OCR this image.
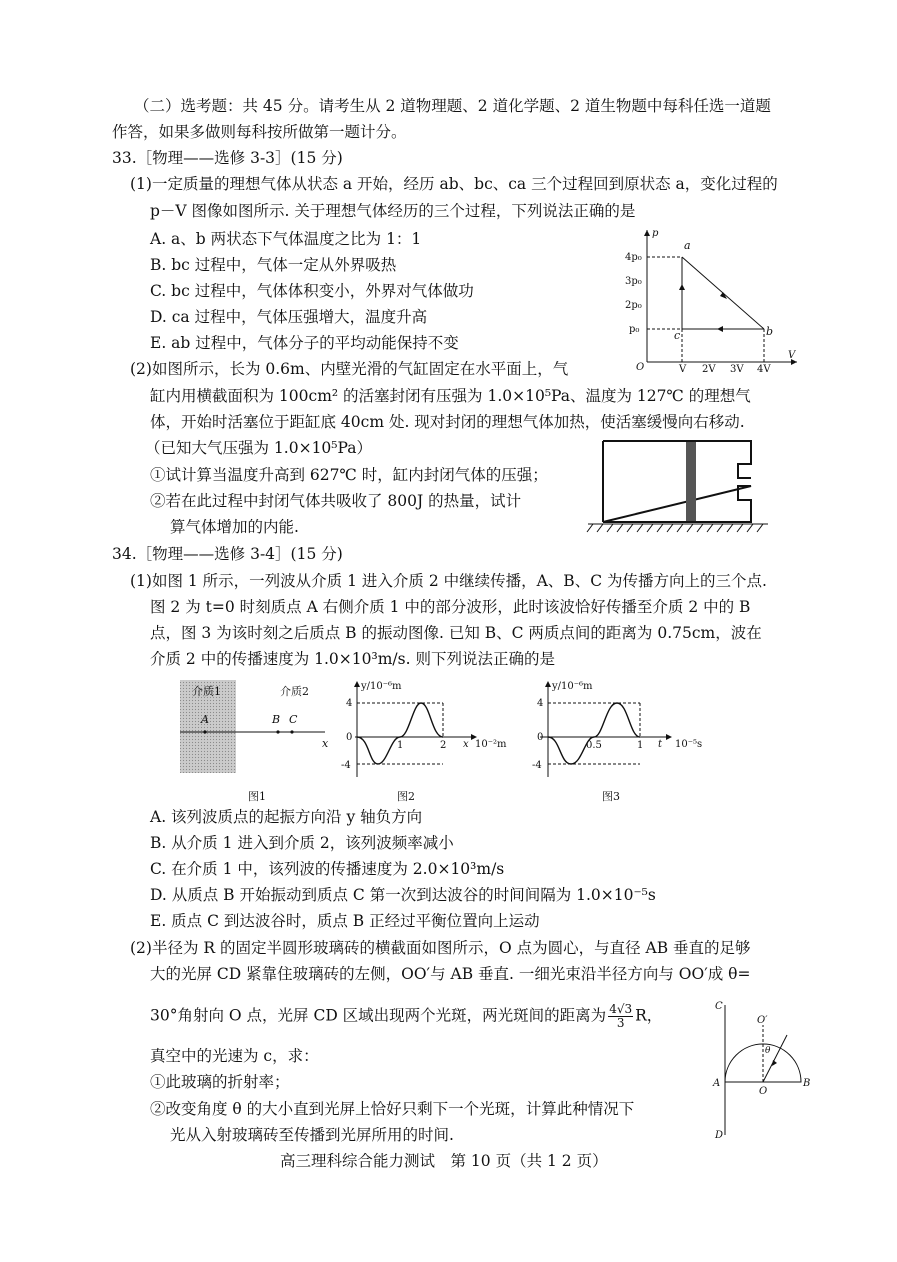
（二）选考题：共 45 分。请考生从 2 道物理题、2 道化学题、2 道生物题中每科任选一道题
作答，如果多做则每科按所做第一题计分。
33.［物理——选修 3-3］(15 分)
(1)一定质量的理想气体从状态 a 开始，经历 ab、bc、ca 三个过程回到原状态 a，变化过程的
p－V 图像如图所示. 关于理想气体经历的三个过程，下列说法正确的是
A. a、b 两状态下气体温度之比为 1：1
B. bc 过程中，气体一定从外界吸热
C. bc 过程中，气体体积变小，外界对气体做功
D. ca 过程中，气体压强增大，温度升高
E. ab 过程中，气体分子的平均动能保持不变
(2)如图所示，长为 0.6m、内壁光滑的气缸固定在水平面上，气
缸内用横截面积为 100cm² 的活塞封闭有压强为 1.0×10⁵Pa、温度为 127℃ 的理想气
体，开始时活塞位于距缸底 40cm 处. 现对封闭的理想气体加热，使活塞缓慢向右移动.
（已知大气压强为 1.0×10⁵Pa）
①试计算当温度升高到 627℃ 时，缸内封闭气体的压强；
②若在此过程中封闭气体共吸收了 800J 的热量，试计
算气体增加的内能.
34.［物理——选修 3-4］(15 分)
(1)如图 1 所示，一列波从介质 1 进入介质 2 中继续传播，A、B、C 为传播方向上的三个点.
图 2 为 t=0 时刻质点 A 右侧介质 1 中的部分波形，此时该波恰好传播至介质 2 中的 B
点，图 3 为该时刻之后质点 B 的振动图像. 已知 B、C 两质点间的距离为 0.75cm，波在
介质 2 中的传播速度为 1.0×10³m/s. 则下列说法正确的是
A. 该列波质点的起振方向沿 y 轴负方向
B. 从介质 1 进入到介质 2，该列波频率减小
C. 在介质 1 中，该列波的传播速度为 2.0×10³m/s
D. 从质点 B 开始振动到质点 C 第一次到达波谷的时间间隔为 1.0×10⁻⁵s
E. 质点 C 到达波谷时，质点 B 正经过平衡位置向上运动
(2)半径为 R 的固定半圆形玻璃砖的横截面如图所示，O 点为圆心，与直径 AB 垂直的足够
大的光屏 CD 紧靠住玻璃砖的左侧，OO′与 AB 垂直. 一细光束沿半径方向与 OO′成 θ=
30°角射向 O 点，光屏 CD 区域出现两个光斑，两光斑间的距离为 $\frac{4√3}{3}$ R，
真空中的光速为 c，求：
①此玻璃的折射率；
②改变角度 θ 的大小直到光屏上恰好只剩下一个光斑，计算此种情况下
光从入射玻璃砖至传播到光屏所用的时间.
高三理科综合能力测试　第 10 页（共 1 2 页）
p
V
O
4p₀
3p₀
2p₀
p₀
V 2V 3V 4V
a
b
c
介质1	介质2
x
A	B C
图1
y/10⁻⁶m
4
0
-4
1	2 x 10⁻²m
图2
y/10⁻⁶m
4
0
-4
0.5	1 t 10⁻⁵s
图3
C
D
A	B
O
O′
θ
